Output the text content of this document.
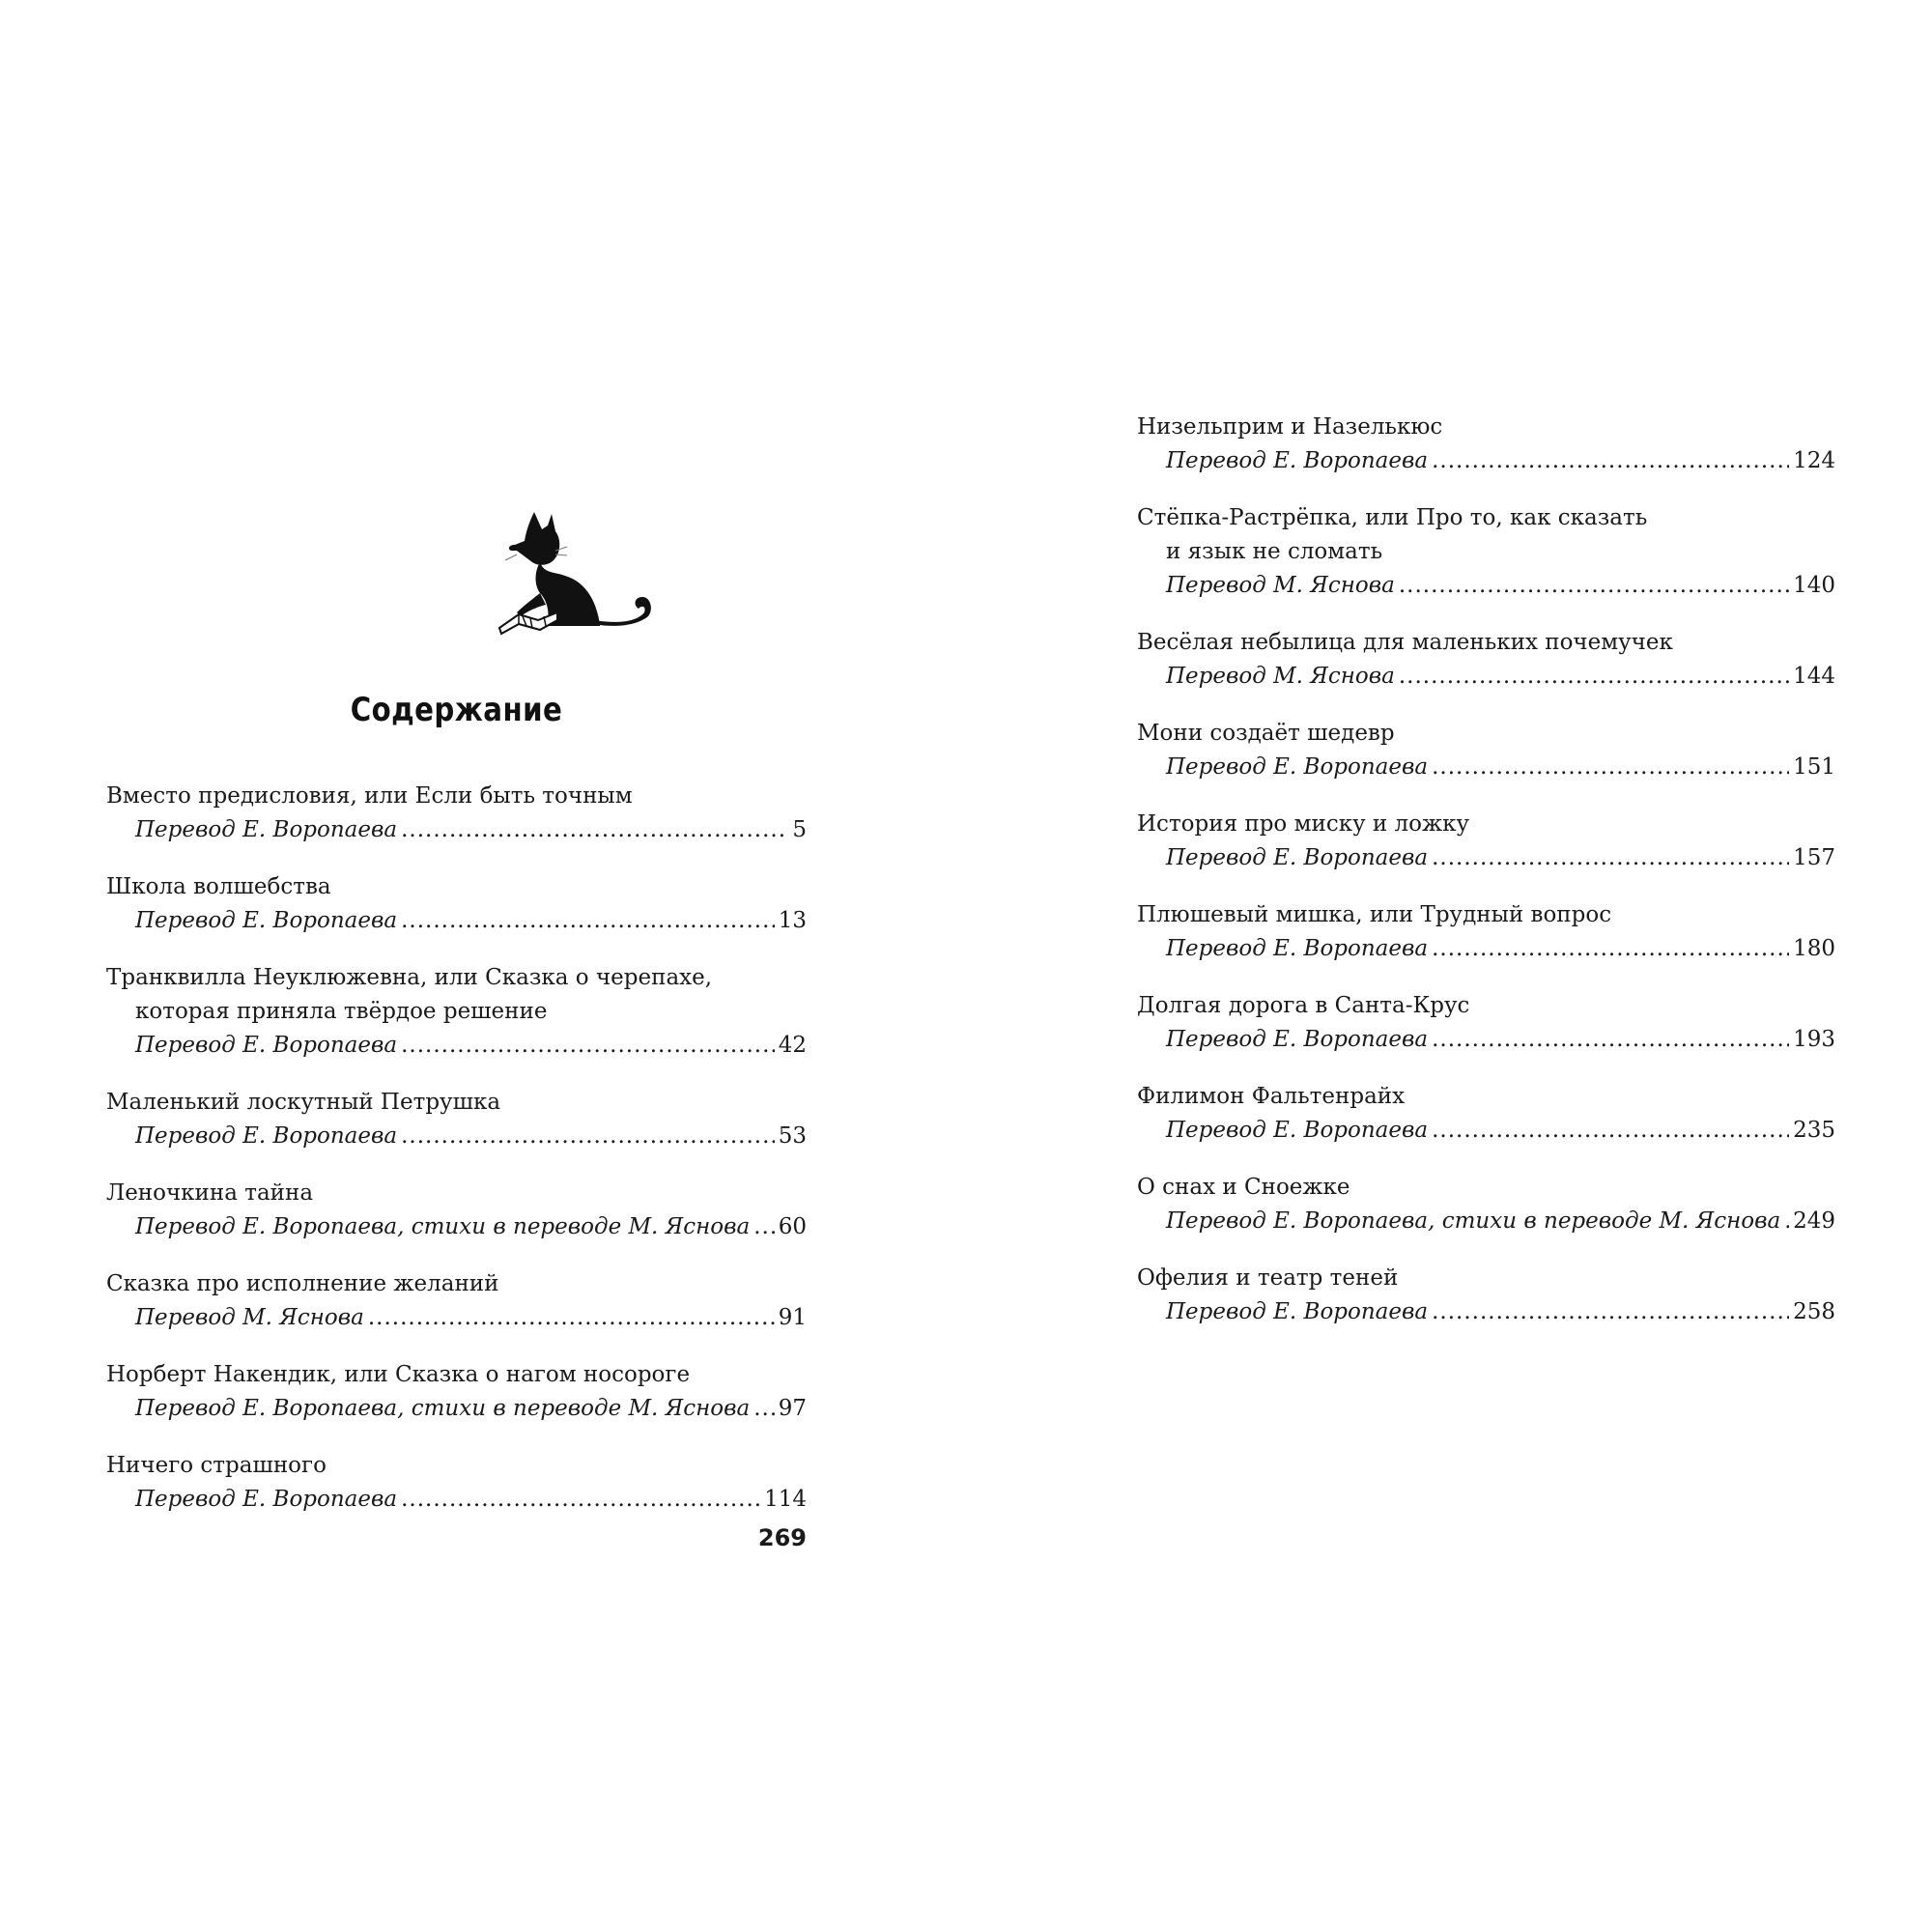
Содержание
Вместо предисловия, или Если быть точным
Перевод Е. Воропаева .....	5
Школа волшебства
Перевод Е. Воропаева .....	13
Транквилла Неуклюжевна, или Сказка о черепахе,
которая приняла твёрдое решение
Перевод Е. Воропаева .....	42
Маленький лоскутный Петрушка
Перевод Е. Воропаева .....	53
Леночкина тайна
Перевод Е. Воропаева, стихи в переводе М. Яснова ..... 60
Сказка про исполнение желаний
Перевод М. Яснова .....	91
Норберт Накендик, или Сказка о нагом носороге
Перевод Е. Воропаева, стихи в переводе М. Яснова ..... 97
Ничего страшного
Перевод Е. Воропаева .....	114
269
Низельприм и Назелькюс
Перевод Е. Воропаева .....	124
Стёпка-Растрёпка, или Про то, как сказать
и язык не сломать
Перевод М. Яснова .....	140
Весёлая небылица для маленьких почемучек
Перевод М. Яснова .....	144
Мони создаёт шедевр
Перевод Е. Воропаева .....	151
История про миску и ложку
Перевод Е. Воропаева .....	157
Плюшевый мишка, или Трудный вопрос
Перевод Е. Воропаева .....	180
Долгая дорога в Санта-Крус
Перевод Е. Воропаева .....	193
Филимон Фальтенрайх
Перевод Е. Воропаева .....	235
О снах и Сноежке
Перевод Е. Воропаева, стихи в переводе М. Яснова ..... 249
Офелия и театр теней
Перевод Е. Воропаева .....	258
